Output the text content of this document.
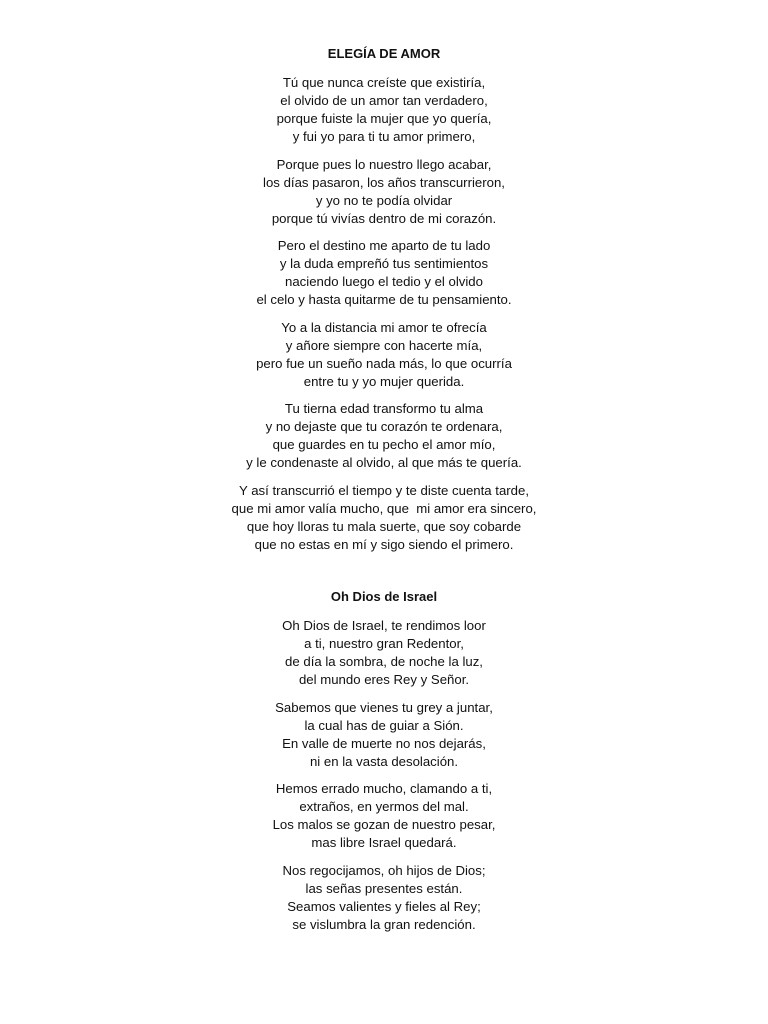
ELEGÍA DE AMOR
Tú que nunca creíste que existiría,
el olvido de un amor tan verdadero,
porque fuiste la mujer que yo quería,
y fui yo para ti tu amor primero,
Porque pues lo nuestro llego acabar,
los días pasaron, los años transcurrieron,
y yo no te podía olvidar
porque tú vivías dentro de mi corazón.
Pero el destino me aparto de tu lado
y la duda empreñó tus sentimientos
naciendo luego el tedio y el olvido
el celo y hasta quitarme de tu pensamiento.
Yo a la distancia mi amor te ofrecía
y añore siempre con hacerte mía,
pero fue un sueño nada más, lo que ocurría
entre tu y yo mujer querida.
Tu tierna edad transformo tu alma
y no dejaste que tu corazón te ordenara,
que guardes en tu pecho el amor mío,
y le condenaste al olvido, al que más te quería.
Y así transcurrió el tiempo y te diste cuenta tarde,
que mi amor valía mucho, que  mi amor era sincero,
que hoy lloras tu mala suerte, que soy cobarde
que no estas en mí y sigo siendo el primero.
Oh Dios de Israel
Oh Dios de Israel, te rendimos loor
a ti, nuestro gran Redentor,
de día la sombra, de noche la luz,
del mundo eres Rey y Señor.
Sabemos que vienes tu grey a juntar,
la cual has de guiar a Sión.
En valle de muerte no nos dejarás,
ni en la vasta desolación.
Hemos errado mucho, clamando a ti,
extraños, en yermos del mal.
Los malos se gozan de nuestro pesar,
mas libre Israel quedará.
Nos regocijamos, oh hijos de Dios;
las señas presentes están.
Seamos valientes y fieles al Rey;
se vislumbra la gran redención.
